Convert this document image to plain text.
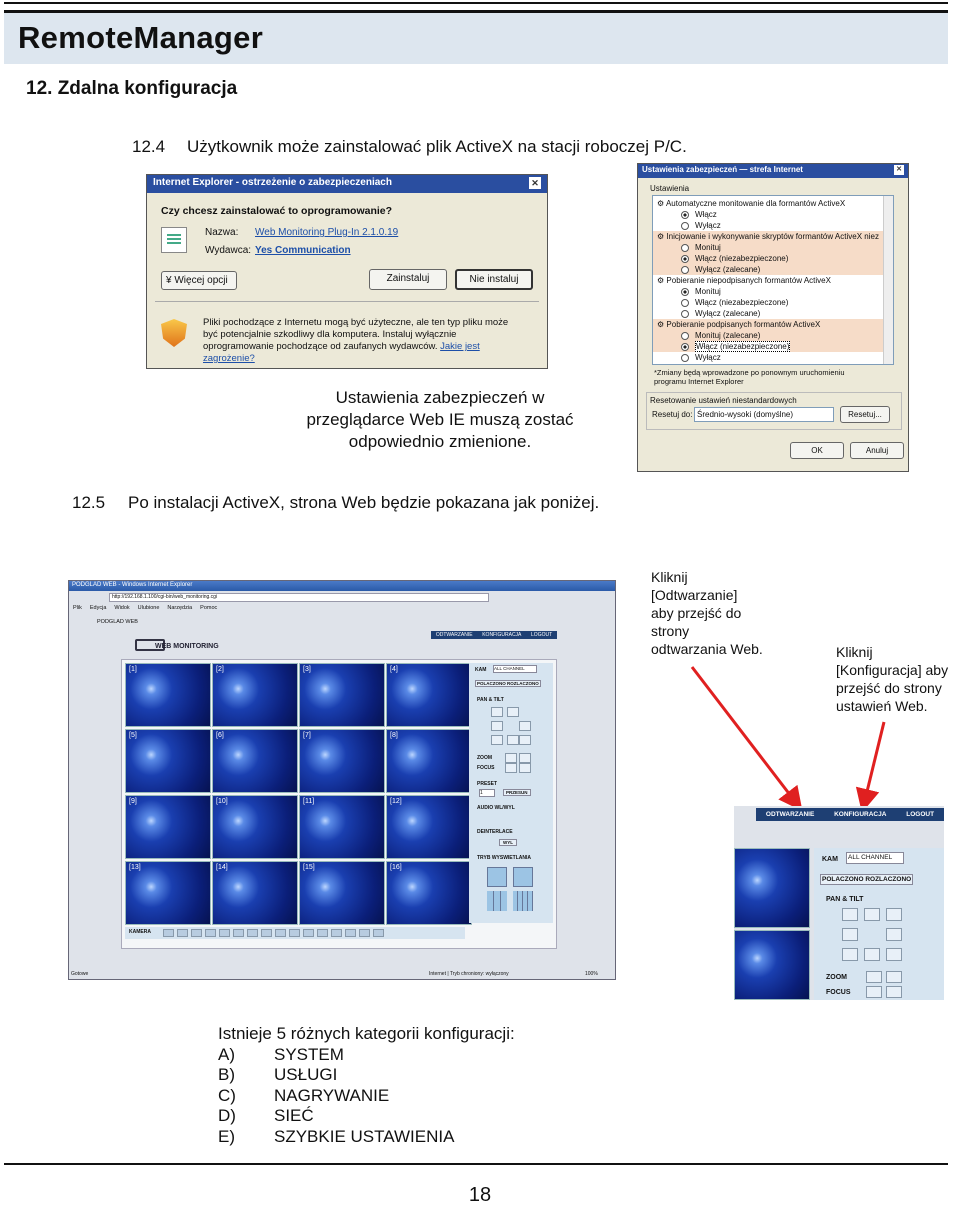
RemoteManager
12. Zdalna konfiguracja
12.4 Użytkownik może zainstalować plik ActiveX na stacji roboczej P/C.
Internet Explorer - ostrzeżenie o zabezpieczeniach	✕
Czy chcesz zainstalować to oprogramowanie?
Nazwa: Web Monitoring Plug-In 2.1.0.19
Wydawca: Yes Communication
¥ Więcej opcji	Zainstaluj	Nie instaluj
Pliki pochodzące z Internetu mogą być użyteczne, ale ten typ pliku może być potencjalnie szkodliwy dla komputera. Instaluj wyłącznie oprogramowanie pochodzące od zaufanych wydawców. Jakie jest zagrożenie?
Ustawienia zabezpieczeń — strefa Internet	✕
Ustawienia
⚙ Automatyczne monitowanie dla formantów ActiveX
Włącz
Wyłącz
⚙ Inicjowanie i wykonywanie skryptów formantów ActiveX niez
Monituj
Włącz (niezabezpieczone)
Wyłącz (zalecane)
⚙ Pobieranie niepodpisanych formantów ActiveX
Monituj
Włącz (niezabezpieczone)
Wyłącz (zalecane)
⚙ Pobieranie podpisanych formantów ActiveX
Monituj (zalecane)
Włącz (niezabezpieczone)
Wyłącz
*Zmiany będą wprowadzone po ponownym uruchomieniu programu Internet Explorer
Resetowanie ustawień niestandardowych
Resetuj do: Średnio-wysoki (domyślne)	Resetuj...
OK	Anuluj
Ustawienia zabezpieczeń w
przeglądarce Web IE muszą zostać
odpowiednio zmienione.
12.5 Po instalacji ActiveX, strona Web będzie pokazana jak poniżej.
PODGLAD WEB - Windows Internet Explorer
http://192.168.1.100/cgi-bin/web_monitoring.cgi
Plik Edycja Widok Ulubione Narzędzia Pomoc
PODGLAD WEB
ODTWARZANIE KONFIGURACJA LOGOUT
WEB MONITORING
[1]	[2]	[3]	[4]
[5]	[6]	[7]	[8]
[9]	[10]	[11]	[12]
[13]	[14]	[15]	[16]
KAM ALL CHANNEL
POLACZONO ROZLACZONO
PAN & TILT
ZOOM
FOCUS
PRESET
1	PRZESUN
AUDIO WL/WYL
DEINTERLACE
WYL
TRYB WYSWIETLANIA
KAMERA
Gotowe	Internet | Tryb chroniony: wyłączony	100%
Kliknij
[Odtwarzanie]
aby przejść do
strony
odtwarzania Web.	Kliknij
[Konfiguracja] aby
przejść do strony
ustawień Web.
ODTWARZANIE	KONFIGURACJA	LOGOUT
KAM	ALL CHANNEL
POLACZONO ROZLACZONO
PAN & TILT
ZOOM
FOCUS
Istnieje 5 różnych kategorii konfiguracji:
A) SYSTEM
B) USŁUGI
C) NAGRYWANIE
D) SIEĆ
E) SZYBKIE USTAWIENIA
18
